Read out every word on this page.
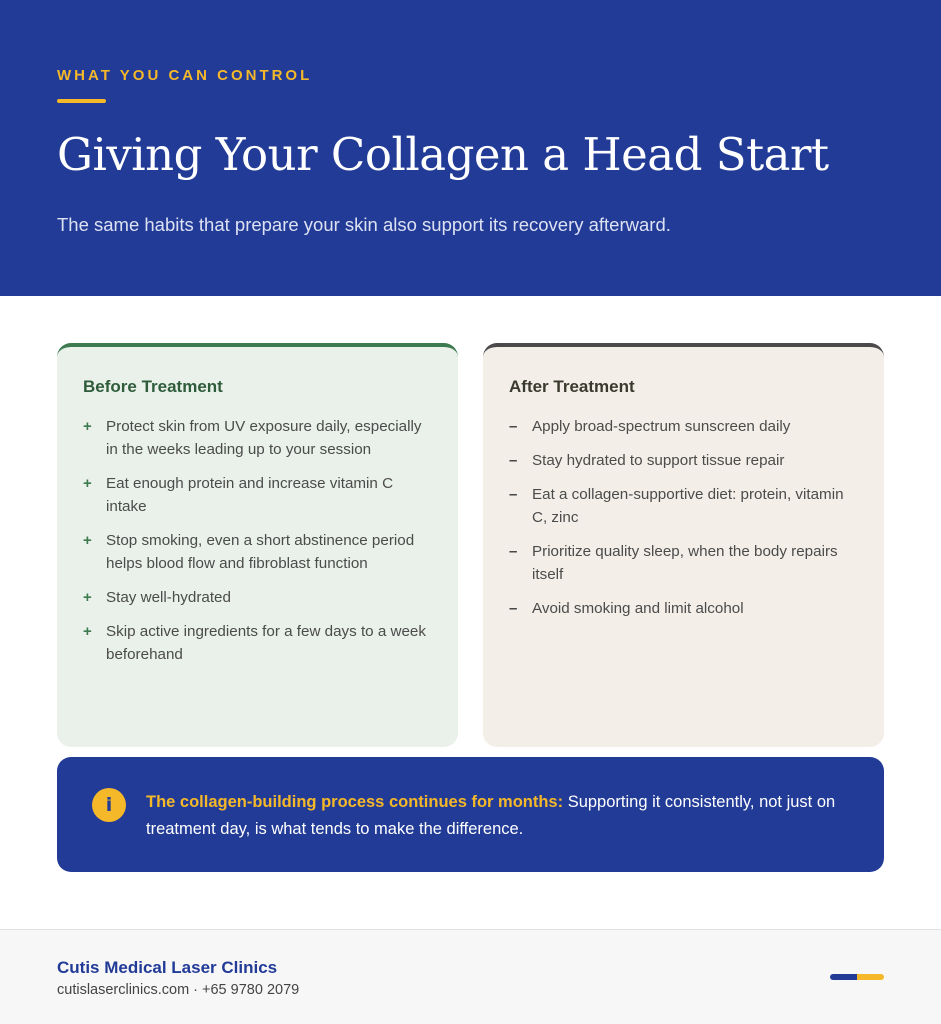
WHAT YOU CAN CONTROL
Giving Your Collagen a Head Start

The same habits that prepare your skin also support its recovery afterward.

Before Treatment
+ Protect skin from UV exposure daily, especially in the weeks leading up to your session
+ Eat enough protein and increase vitamin C intake
+ Stop smoking, even a short abstinence period helps blood flow and fibroblast function
+ Stay well-hydrated
+ Skip active ingredients for a few days to a week beforehand
After Treatment
– Apply broad-spectrum sunscreen daily
– Stay hydrated to support tissue repair
– Eat a collagen-supportive diet: protein, vitamin C, zinc
– Prioritize quality sleep, when the body repairs itself
– Avoid smoking and limit alcohol
i	The collagen-building process continues for months: Supporting it consistently, not just on treatment day, is what tends to make the difference.

Cutis Medical Laser Clinics
cutislaserclinics.com · +65 9780 2079
